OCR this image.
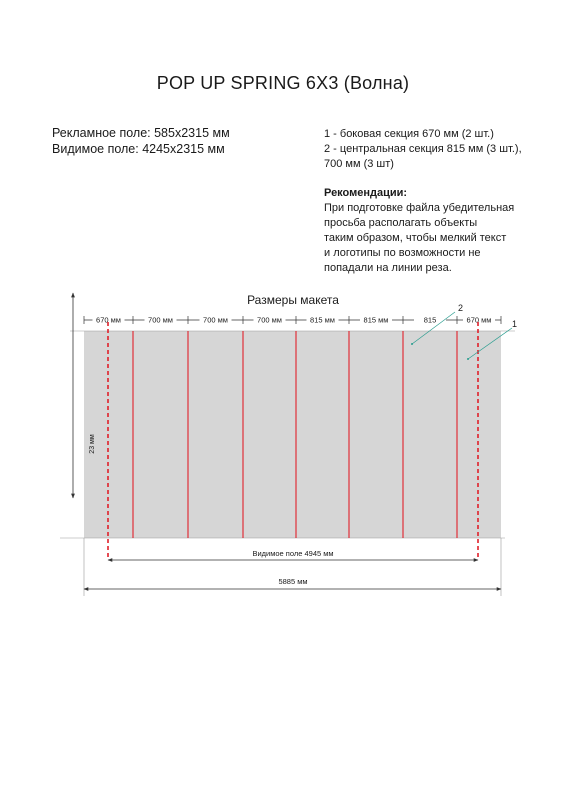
POP UP SPRING 6X3 (Волна)
Рекламное поле: 585х2315 мм
Видимое поле: 4245х2315 мм
1 - боковая секция 670 мм (2 шт.)
2 - центральная секция 815 мм (3 шт.),
700 мм (3 шт)
Рекомендации:
При подготовке файла убедительная
просьба располагать объекты
таким образом, чтобы мелкий текст
и логотипы по возможности не
попадали на линии реза.
Размеры макета
23 мм
670 мм	700 мм	700 мм	700 мм	815 мм	815 мм	815	670 мм
2
1
Видимое поле 4945 мм
5885 мм
